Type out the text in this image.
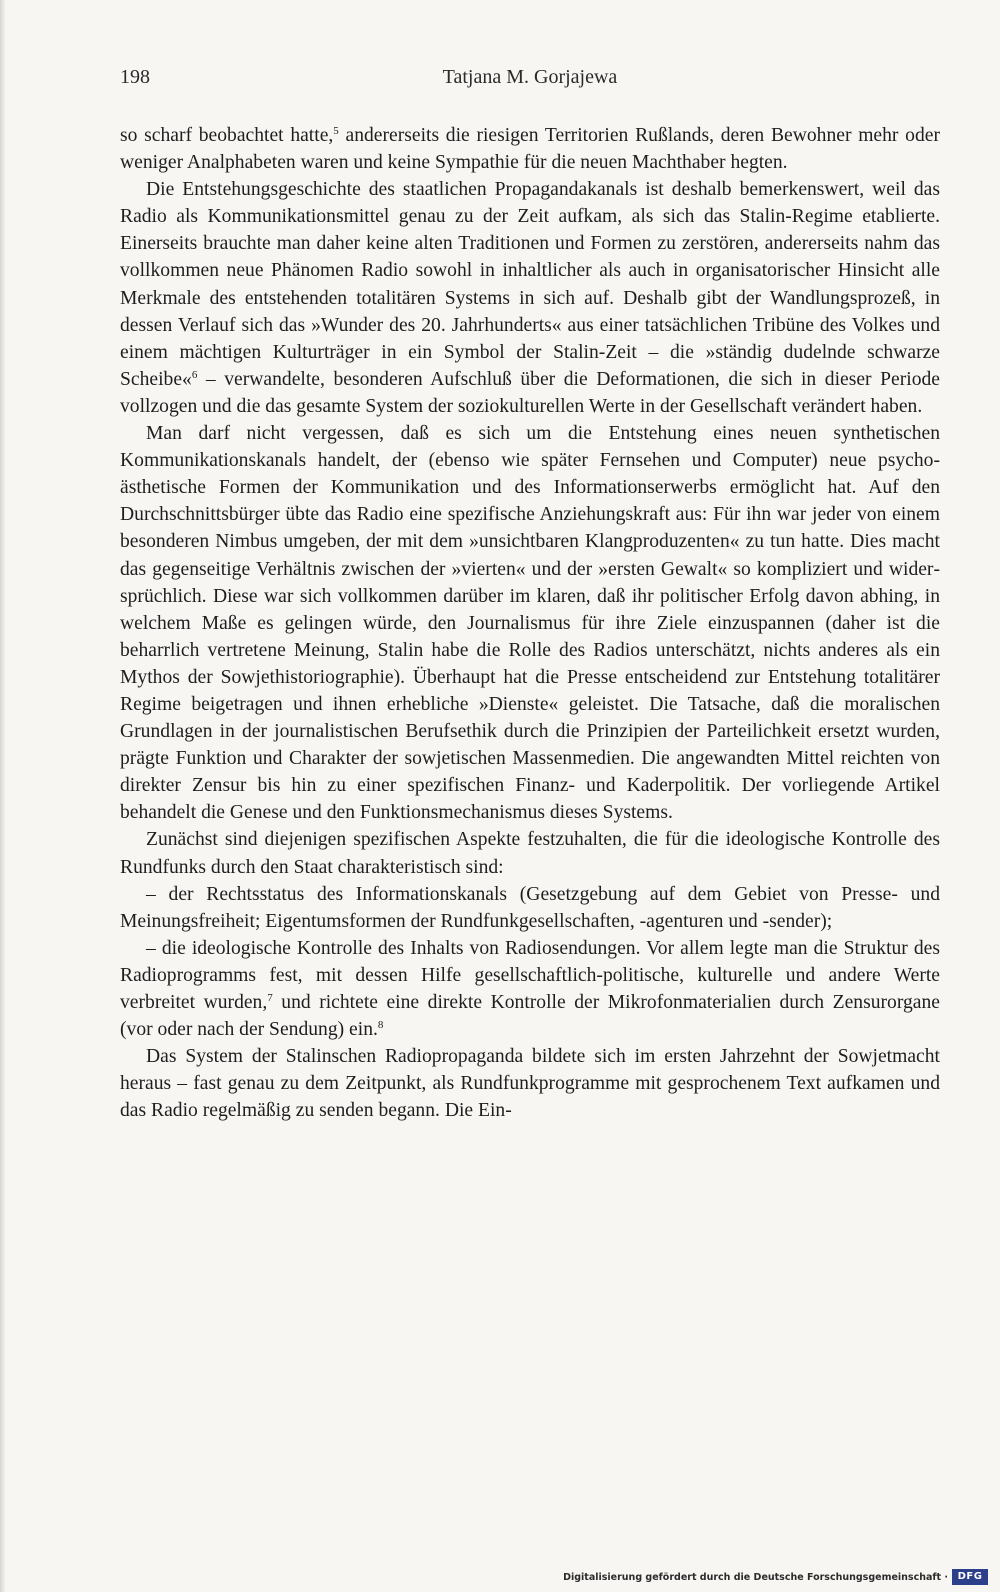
198	Tatjana M. Gorjajewa

so scharf beobachtet hatte,$^5$ andererseits die riesigen Territorien Rußlands, deren Bewohner mehr oder weniger Analphabeten waren und keine Sympathie für die neuen Machthaber hegten.

Die Entstehungsgeschichte des staatlichen Propagandakanals ist deshalb bemerkenswert, weil das Radio als Kommunikationsmittel genau zu der Zeit aufkam, als sich das Stalin-Regime etablierte. Einerseits brauchte man daher keine alten Traditionen und Formen zu zerstören, andererseits nahm das vollkommen neue Phänomen Radio sowohl in inhaltlicher als auch in organisatorischer Hinsicht alle Merkmale des entstehenden totalitären Systems in sich auf. Deshalb gibt der Wandlungsprozeß, in dessen Verlauf sich das »Wunder des 20. Jahrhunderts« aus einer tatsächlichen Tribüne des Volkes und einem mächtigen Kulturträger in ein Symbol der Stalin-Zeit – die »ständig dudelnde schwarze Scheibe«$^6$ – verwandelte, besonderen Aufschluß über die Deformationen, die sich in dieser Periode vollzogen und die das gesamte System der soziokulturellen Werte in der Gesellschaft verändert haben.

Man darf nicht vergessen, daß es sich um die Entstehung eines neuen synthetischen Kommunikationskanals handelt, der (ebenso wie später Fernsehen und Computer) neue psycho-ästhetische Formen der Kommunikation und des Informationserwerbs ermöglicht hat. Auf den Durchschnittsbürger übte das Radio eine spezifische Anziehungskraft aus: Für ihn war jeder von einem besonderen Nimbus umgeben, der mit dem »unsichtbaren Klangproduzenten« zu tun hatte. Dies macht das gegenseitige Verhältnis zwischen der »vierten« und der »ersten Gewalt« so kompliziert und widersprüchlich. Diese war sich vollkommen darüber im klaren, daß ihr politischer Erfolg davon abhing, in welchem Maße es gelingen würde, den Journalismus für ihre Ziele einzuspannen (daher ist die beharrlich vertretene Meinung, Stalin habe die Rolle des Radios unterschätzt, nichts anderes als ein Mythos der Sowjethistoriographie). Überhaupt hat die Presse entscheidend zur Entstehung totalitärer Regime beigetragen und ihnen erhebliche »Dienste« geleistet. Die Tatsache, daß die moralischen Grundlagen in der journalistischen Berufsethik durch die Prinzipien der Parteilichkeit ersetzt wurden, prägte Funktion und Charakter der sowjetischen Massenmedien. Die angewandten Mittel reichten von direkter Zensur bis hin zu einer spezifischen Finanz- und Kaderpolitik. Der vorliegende Artikel behandelt die Genese und den Funktionsmechanismus dieses Systems.

Zunächst sind diejenigen spezifischen Aspekte festzuhalten, die für die ideologische Kontrolle des Rundfunks durch den Staat charakteristisch sind:

– der Rechtsstatus des Informationskanals (Gesetzgebung auf dem Gebiet von Presse- und Meinungsfreiheit; Eigentumsformen der Rundfunkgesellschaften, -agenturen und -sender);

– die ideologische Kontrolle des Inhalts von Radiosendungen. Vor allem legte man die Struktur des Radioprogramms fest, mit dessen Hilfe gesellschaftlich-politische, kulturelle und andere Werte verbreitet wurden,$^7$ und richtete eine direkte Kontrolle der Mikrofonmaterialien durch Zensurorgane (vor oder nach der Sendung) ein.$^8$

Das System der Stalinschen Radiopropaganda bildete sich im ersten Jahrzehnt der Sowjetmacht heraus – fast genau zu dem Zeitpunkt, als Rundfunkprogramme mit gesprochenem Text aufkamen und das Radio regelmäßig zu senden begann. Die Ein-

Digitalisierung gefördert durch die Deutsche Forschungsgemeinschaft · DFG
